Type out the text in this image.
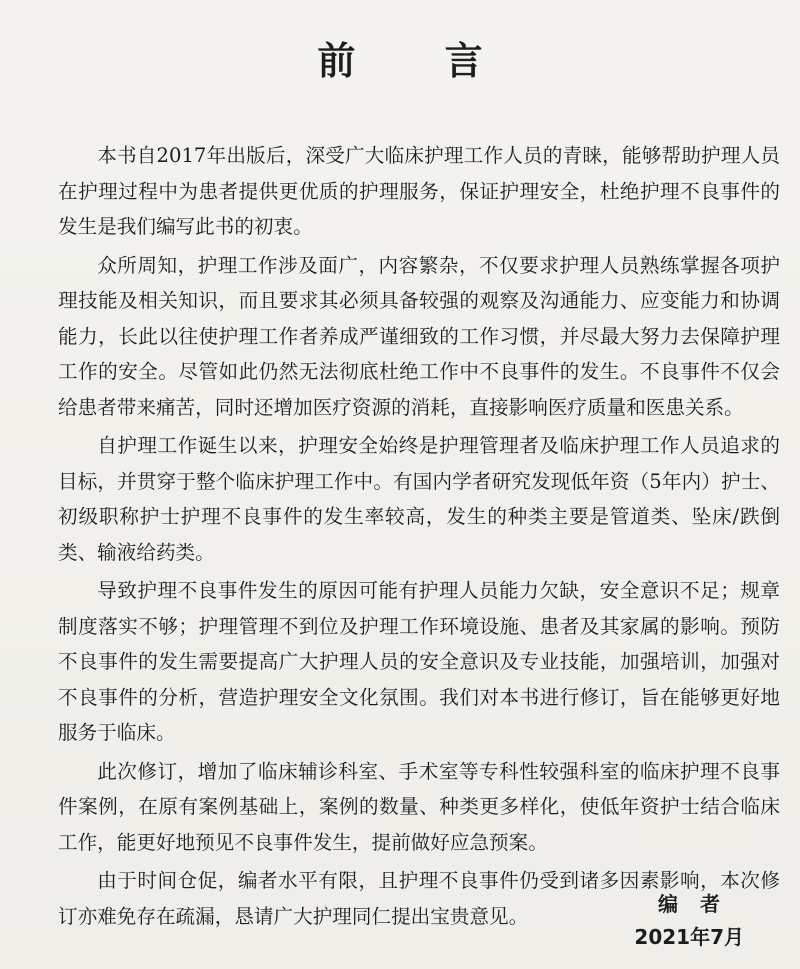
前 言

本书自2017年出版后，深受广大临床护理工作人员的青睐，能够帮助护理人员在护理过程中为患者提供更优质的护理服务，保证护理安全，杜绝护理不良事件的发生是我们编写此书的初衷。

众所周知，护理工作涉及面广，内容繁杂，不仅要求护理人员熟练掌握各项护理技能及相关知识，而且要求其必须具备较强的观察及沟通能力、应变能力和协调能力，长此以往使护理工作者养成严谨细致的工作习惯，并尽最大努力去保障护理工作的安全。尽管如此仍然无法彻底杜绝工作中不良事件的发生。不良事件不仅会给患者带来痛苦，同时还增加医疗资源的消耗，直接影响医疗质量和医患关系。

自护理工作诞生以来，护理安全始终是护理管理者及临床护理工作人员追求的目标，并贯穿于整个临床护理工作中。有国内学者研究发现低年资（5年内）护士、初级职称护士护理不良事件的发生率较高，发生的种类主要是管道类、坠床/跌倒类、输液给药类。

导致护理不良事件发生的原因可能有护理人员能力欠缺，安全意识不足；规章制度落实不够；护理管理不到位及护理工作环境设施、患者及其家属的影响。预防不良事件的发生需要提高广大护理人员的安全意识及专业技能，加强培训，加强对不良事件的分析，营造护理安全文化氛围。我们对本书进行修订，旨在能够更好地服务于临床。

此次修订，增加了临床辅诊科室、手术室等专科性较强科室的临床护理不良事件案例，在原有案例基础上，案例的数量、种类更多样化，使低年资护士结合临床工作，能更好地预见不良事件发生，提前做好应急预案。

由于时间仓促，编者水平有限，且护理不良事件仍受到诸多因素影响，本次修订亦难免存在疏漏，恳请广大护理同仁提出宝贵意见。	编者
2021年7月
